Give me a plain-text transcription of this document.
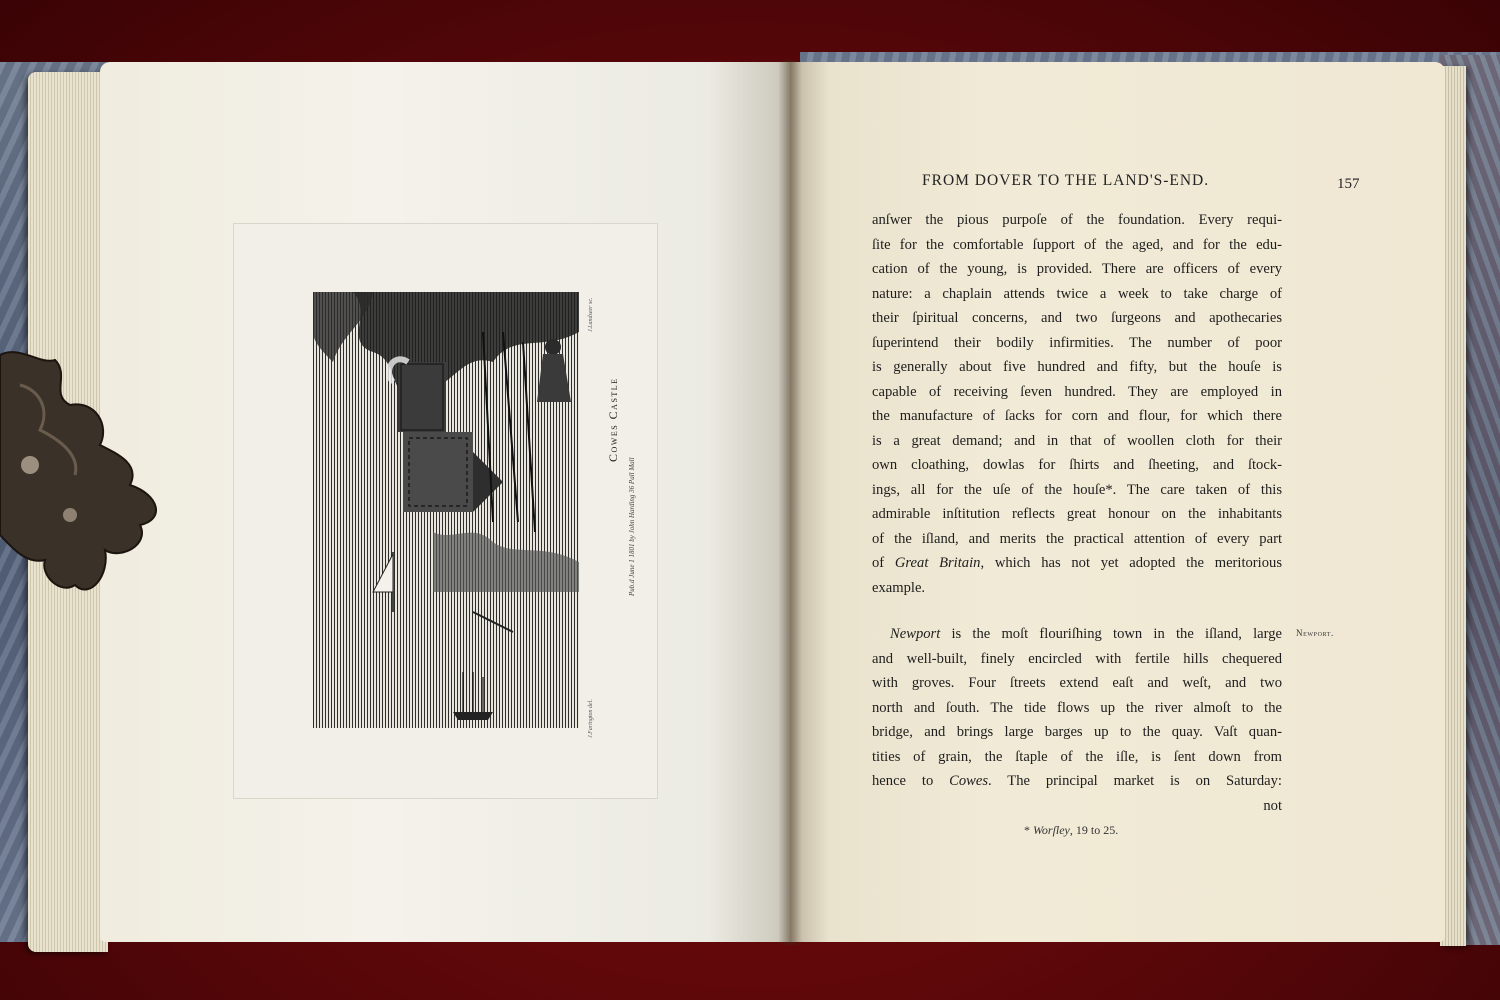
Cowes Castle
Pub.d June 1 1801 by John Harding 36 Pall Mall
J.Farington del.
J.Landseer sc.
FROM DOVER TO THE LAND'S-END.	157
anſwer the pious purpoſe of the foundation. Every requi-
ſite for the comfortable ſupport of the aged, and for the edu-
cation of the young, is provided. There are officers of every
nature: a chaplain attends twice a week to take charge of
their ſpiritual concerns, and two ſurgeons and apothecaries
ſuperintend their bodily infirmities. The number of poor
is generally about five hundred and fifty, but the houſe is
capable of receiving ſeven hundred. They are employed in
the manufacture of ſacks for corn and flour, for which there
is a great demand; and in that of woollen cloth for their
own cloathing, dowlas for ſhirts and ſheeting, and ſtock-
ings, all for the uſe of the houſe*. The care taken of this
admirable inſtitution reflects great honour on the inhabitants
of the iſland, and merits the practical attention of every part
of Great Britain, which has not yet adopted the meritorious
example.
Newport is the moſt flouriſhing town in the iſland, large
and well-built, finely encircled with fertile hills chequered
with groves. Four ſtreets extend eaſt and weſt, and two
north and ſouth. The tide flows up the river almoſt to the
bridge, and brings large barges up to the quay. Vaſt quan-
tities of grain, the ſtaple of the iſle, is ſent down from
hence to Cowes. The principal market is on Saturday:
not
Newport.
* Worſley, 19 to 25.
